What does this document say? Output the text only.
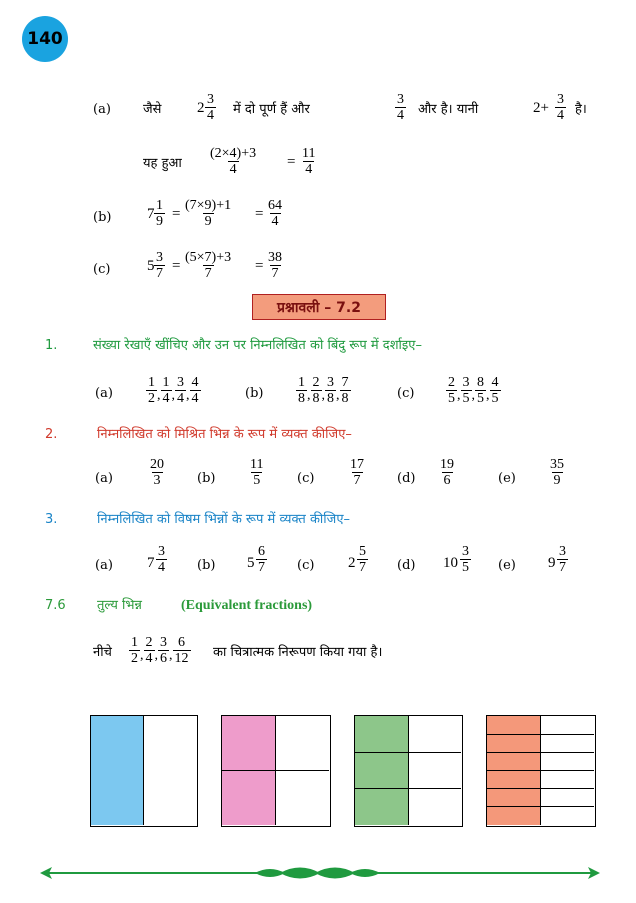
140
(a) जैसे $2 \frac{3}{4}$ में दो पूर्ण हैं और	$\frac{3}{4}$ और है। यानी	$2+ \frac{3}{4}$ है।
यह हुआ $\frac{(2\times 4)+3}{4} = \frac{11}{4}$
(b) $7 \frac{1}{9} = \frac{(7\times 9)+1}{9} = \frac{64}{4}$
(c) $5 \frac{3}{7} = \frac{(5\times 7)+3}{7} = \frac{38}{7}$
प्रश्नावली – 7.2
1.	संख्या रेखाएँ खींचिए और उन पर निम्नलिखित को बिंदु रूप में दर्शाइए–
$(a) \frac{1}{2}$ , $\frac{1}{4}$ , $\frac{3}{4}$ , $\frac{4}{4}$	$(b) \frac{1}{8}$ , $\frac{2}{8}$ , $\frac{3}{8}$ , $\frac{7}{8}$	$(c) \frac{2}{5}$ , $\frac{3}{5}$ , $\frac{8}{5}$ , $\frac{4}{5}$
2.	निम्नलिखित को मिश्रित भिन्न के रूप में व्यक्त कीजिए–
(a)	$\frac{20}{3} (b) \frac{11}{5} (c) \frac{17}{7} (d) \frac{19}{6}$	$(e) \frac{35}{9}$
3.	निम्नलिखित को विषम भिन्नों के रूप में व्यक्त कीजिए–
(a) $7 \frac{3}{4} (b)$ $5 \frac{6}{7} (c)$ $2 \frac{5}{7} (d)$ $10 \frac{3}{5} (e)$ $9 \frac{3}{7}$
7.6 तुल्य भिन्न	(Equivalent fractions)
नीचे $\frac{1}{2}$ , $\frac{2}{4}$ , $\frac{3}{6}$ , $\frac{6}{12}$ का चित्रात्मक निरूपण किया गया है।
